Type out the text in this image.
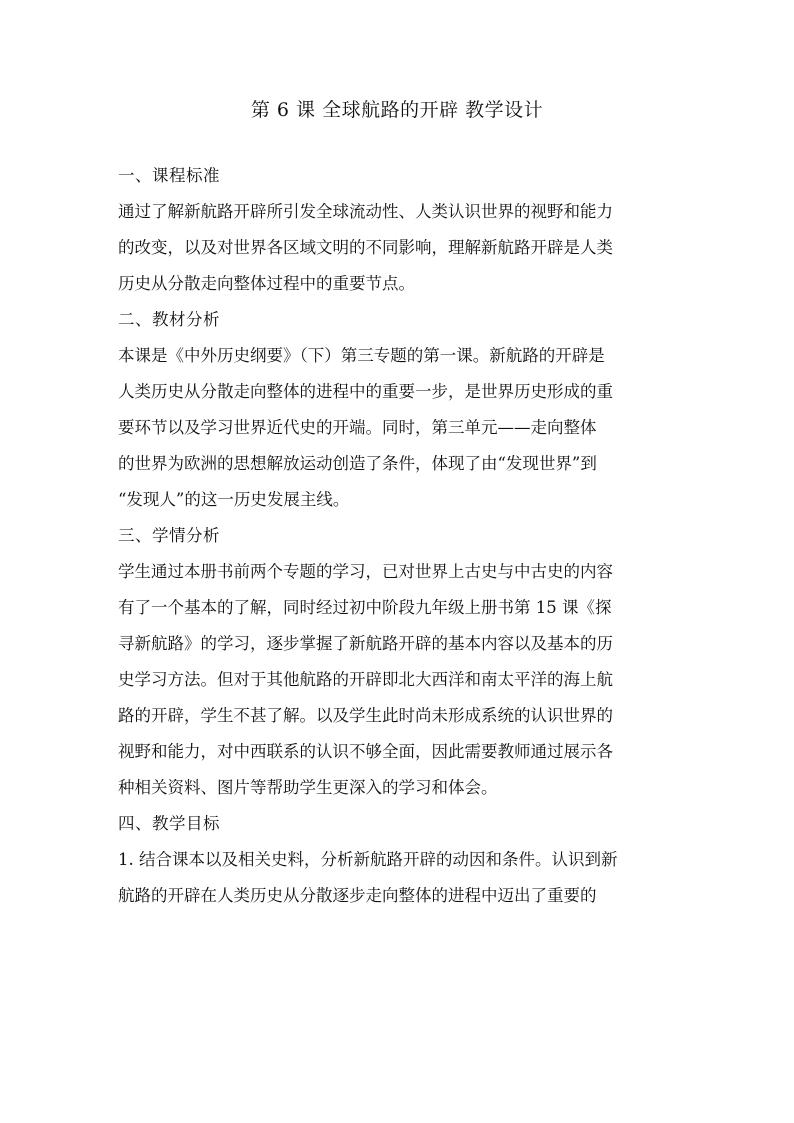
第 6 课 全球航路的开辟 教学设计
一、课程标准
通过了解新航路开辟所引发全球流动性、人类认识世界的视野和能力
的改变，以及对世界各区域文明的不同影响，理解新航路开辟是人类
历史从分散走向整体过程中的重要节点。
二、教材分析
本课是《中外历史纲要》（下）第三专题的第一课。新航路的开辟是
人类历史从分散走向整体的进程中的重要一步，是世界历史形成的重
要环节以及学习世界近代史的开端。同时，第三单元——走向整体
的世界为欧洲的思想解放运动创造了条件，体现了由“发现世界”到
“发现人”的这一历史发展主线。
三、学情分析
学生通过本册书前两个专题的学习，已对世界上古史与中古史的内容
有了一个基本的了解，同时经过初中阶段九年级上册书第 15 课《探
寻新航路》的学习，逐步掌握了新航路开辟的基本内容以及基本的历
史学习方法。但对于其他航路的开辟即北大西洋和南太平洋的海上航
路的开辟，学生不甚了解。以及学生此时尚未形成系统的认识世界的
视野和能力，对中西联系的认识不够全面，因此需要教师通过展示各
种相关资料、图片等帮助学生更深入的学习和体会。
四、教学目标
1. 结合课本以及相关史料，分析新航路开辟的动因和条件。认识到新
航路的开辟在人类历史从分散逐步走向整体的进程中迈出了重要的
